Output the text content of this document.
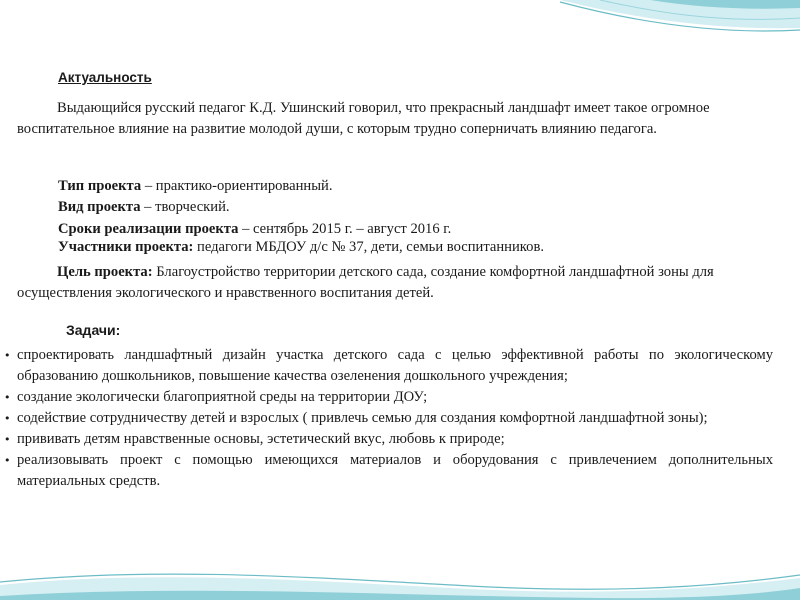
Актуальность
Выдающийся русский педагог К.Д. Ушинский говорил, что прекрасный ландшафт имеет такое огромное воспитательное влияние на развитие молодой души, с которым трудно соперничать влиянию педагога.
Тип проекта – практико-ориентированный.
Вид проекта – творческий.
Сроки реализации проекта – сентябрь 2015 г. – август 2016 г.
Участники проекта: педагоги МБДОУ д/с № 37, дети, семьи воспитанников.
Цель проекта: Благоустройство территории детского сада, создание комфортной ландшафтной зоны для осуществления экологического и нравственного воспитания детей.
Задачи:
• спроектировать ландшафтный дизайн участка детского сада с целью эффективной работы по экологическому образованию дошкольников, повышение качества озеленения дошкольного учреждения;
• создание экологически благоприятной среды на территории ДОУ;
• содействие сотрудничеству детей и взрослых ( привлечь семью для создания комфортной ландшафтной зоны);
• прививать детям нравственные основы, эстетический вкус, любовь к природе;
• реализовывать проект с помощью имеющихся материалов и оборудования с привлечением дополнительных материальных средств.
